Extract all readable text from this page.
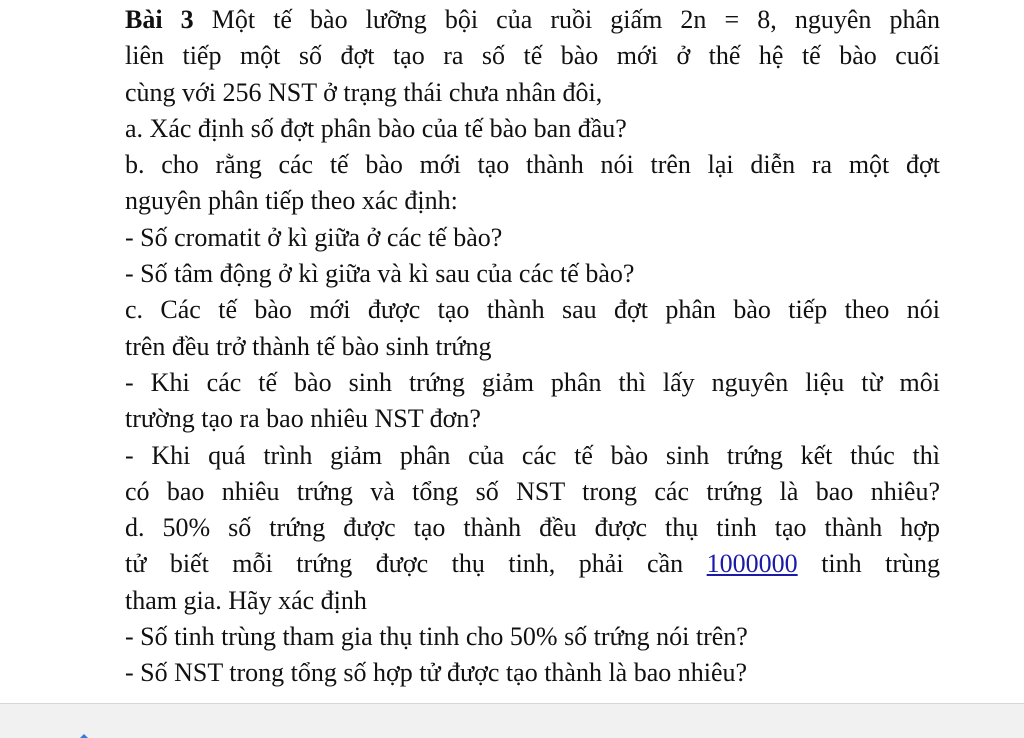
Bài 3 Một tế bào lưỡng bội của ruồi giấm 2n = 8, nguyên phân
liên tiếp một số đợt tạo ra số tế bào mới ở thế hệ tế bào cuối
cùng với 256 NST ở trạng thái chưa nhân đôi,
a. Xác định số đợt phân bào của tế bào ban đầu?
b. cho rằng các tế bào mới tạo thành nói trên lại diễn ra một đợt
nguyên phân tiếp theo xác định:
- Số cromatit ở kì giữa ở các tế bào?
- Số tâm động ở kì giữa và kì sau của các tế bào?
c. Các tế bào mới được tạo thành sau đợt phân bào tiếp theo nói
trên đều trở thành tế bào sinh trứng
- Khi các tế bào sinh trứng giảm phân thì lấy nguyên liệu từ môi
trường tạo ra bao nhiêu NST đơn?
- Khi quá trình giảm phân của các tế bào sinh trứng kết thúc thì
có bao nhiêu trứng và tổng số NST trong các trứng là bao nhiêu?
d. 50% số trứng được tạo thành đều được thụ tinh tạo thành hợp
tử biết mỗi trứng được thụ tinh, phải cần 1000000 tinh trùng
tham gia. Hãy xác định
- Số tinh trùng tham gia thụ tinh cho 50% số trứng nói trên?
- Số NST trong tổng số hợp tử được tạo thành là bao nhiêu?
